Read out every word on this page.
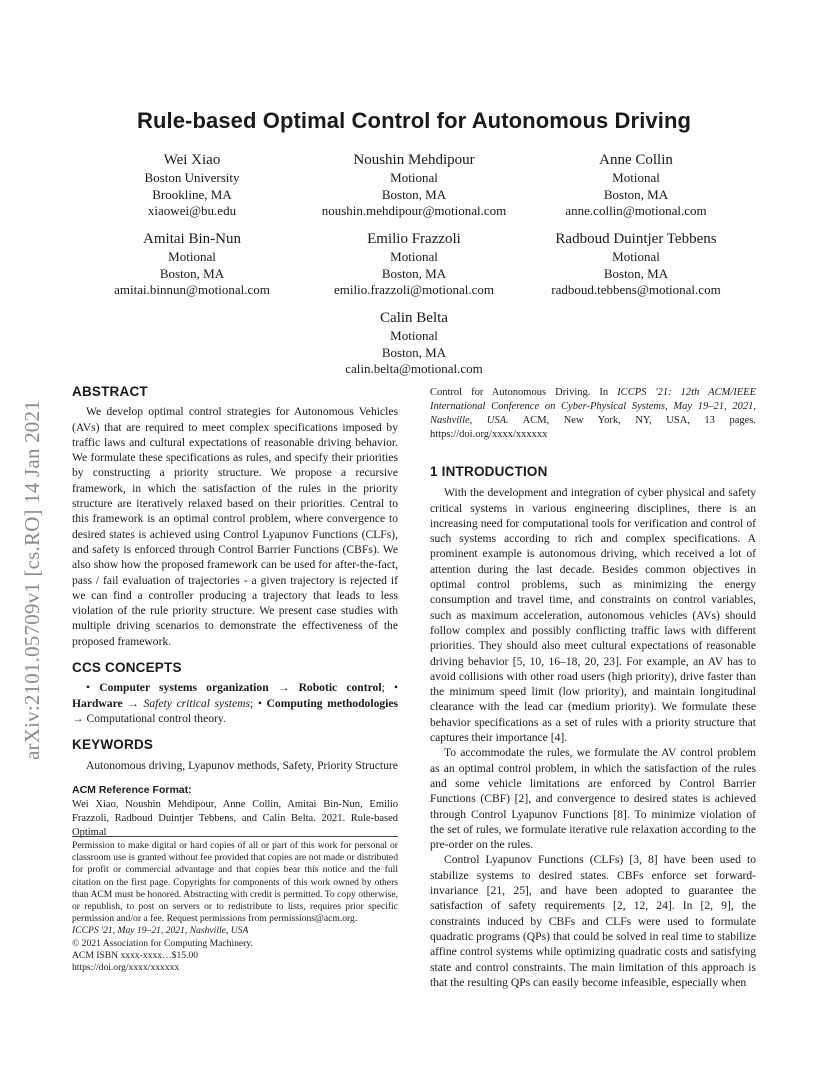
arXiv:2101.05709v1 [cs.RO] 14 Jan 2021
Rule-based Optimal Control for Autonomous Driving
Wei Xiao
Boston University
Brookline, MA
xiaowei@bu.edu
Noushin Mehdipour
Motional
Boston, MA
noushin.mehdipour@motional.com
Anne Collin
Motional
Boston, MA
anne.collin@motional.com
Amitai Bin-Nun
Motional
Boston, MA
amitai.binnun@motional.com
Emilio Frazzoli
Motional
Boston, MA
emilio.frazzoli@motional.com
Radboud Duintjer Tebbens
Motional
Boston, MA
radboud.tebbens@motional.com
Calin Belta
Motional
Boston, MA
calin.belta@motional.com
ABSTRACT

We develop optimal control strategies for Autonomous Vehicles (AVs) that are required to meet complex specifications imposed by traffic laws and cultural expectations of reasonable driving behavior. We formulate these specifications as rules, and specify their priorities by constructing a priority structure. We propose a recursive framework, in which the satisfaction of the rules in the priority structure are iteratively relaxed based on their priorities. Central to this framework is an optimal control problem, where convergence to desired states is achieved using Control Lyapunov Functions (CLFs), and safety is enforced through Control Barrier Functions (CBFs). We also show how the proposed framework can be used for after-the-fact, pass / fail evaluation of trajectories - a given trajectory is rejected if we can find a controller producing a trajectory that leads to less violation of the rule priority structure. We present case studies with multiple driving scenarios to demonstrate the effectiveness of the proposed framework.

CCS CONCEPTS

• Computer systems organization → Robotic control; • Hardware → Safety critical systems; • Computing methodologies → Computational control theory.

KEYWORDS

Autonomous driving, Lyapunov methods, Safety, Priority Structure

ACM Reference Format:

Wei Xiao, Noushin Mehdipour, Anne Collin, Amitai Bin-Nun, Emilio Frazzoli, Radboud Duintjer Tebbens, and Calin Belta. 2021. Rule-based Optimal

Permission to make digital or hard copies of all or part of this work for personal or classroom use is granted without fee provided that copies are not made or distributed for profit or commercial advantage and that copies bear this notice and the full citation on the first page. Copyrights for components of this work owned by others than ACM must be honored. Abstracting with credit is permitted. To copy otherwise, or republish, to post on servers or to redistribute to lists, requires prior specific permission and/or a fee. Request permissions from permissions@acm.org.

ICCPS '21, May 19–21, 2021, Nashville, USA

© 2021 Association for Computing Machinery.

ACM ISBN xxxx-xxxx…$15.00

https://doi.org/xxxx/xxxxxx

Control for Autonomous Driving. In ICCPS '21: 12th ACM/IEEE International Conference on Cyber-Physical Systems, May 19–21, 2021, Nashville, USA. ACM, New York, NY, USA, 13 pages. https://doi.org/xxxx/xxxxxx

1 INTRODUCTION

With the development and integration of cyber physical and safety critical systems in various engineering disciplines, there is an increasing need for computational tools for verification and control of such systems according to rich and complex specifications. A prominent example is autonomous driving, which received a lot of attention during the last decade. Besides common objectives in optimal control problems, such as minimizing the energy consumption and travel time, and constraints on control variables, such as maximum acceleration, autonomous vehicles (AVs) should follow complex and possibly conflicting traffic laws with different priorities. They should also meet cultural expectations of reasonable driving behavior [5, 10, 16–18, 20, 23]. For example, an AV has to avoid collisions with other road users (high priority), drive faster than the minimum speed limit (low priority), and maintain longitudinal clearance with the lead car (medium priority). We formulate these behavior specifications as a set of rules with a priority structure that captures their importance [4].

To accommodate the rules, we formulate the AV control problem as an optimal control problem, in which the satisfaction of the rules and some vehicle limitations are enforced by Control Barrier Functions (CBF) [2], and convergence to desired states is achieved through Control Lyapunov Functions [8]. To minimize violation of the set of rules, we formulate iterative rule relaxation according to the pre-order on the rules.

Control Lyapunov Functions (CLFs) [3, 8] have been used to stabilize systems to desired states. CBFs enforce set forward-invariance [21, 25], and have been adopted to guarantee the satisfaction of safety requirements [2, 12, 24]. In [2, 9], the constraints induced by CBFs and CLFs were used to formulate quadratic programs (QPs) that could be solved in real time to stabilize affine control systems while optimizing quadratic costs and satisfying state and control constraints. The main limitation of this approach is that the resulting QPs can easily become infeasible, especially when
